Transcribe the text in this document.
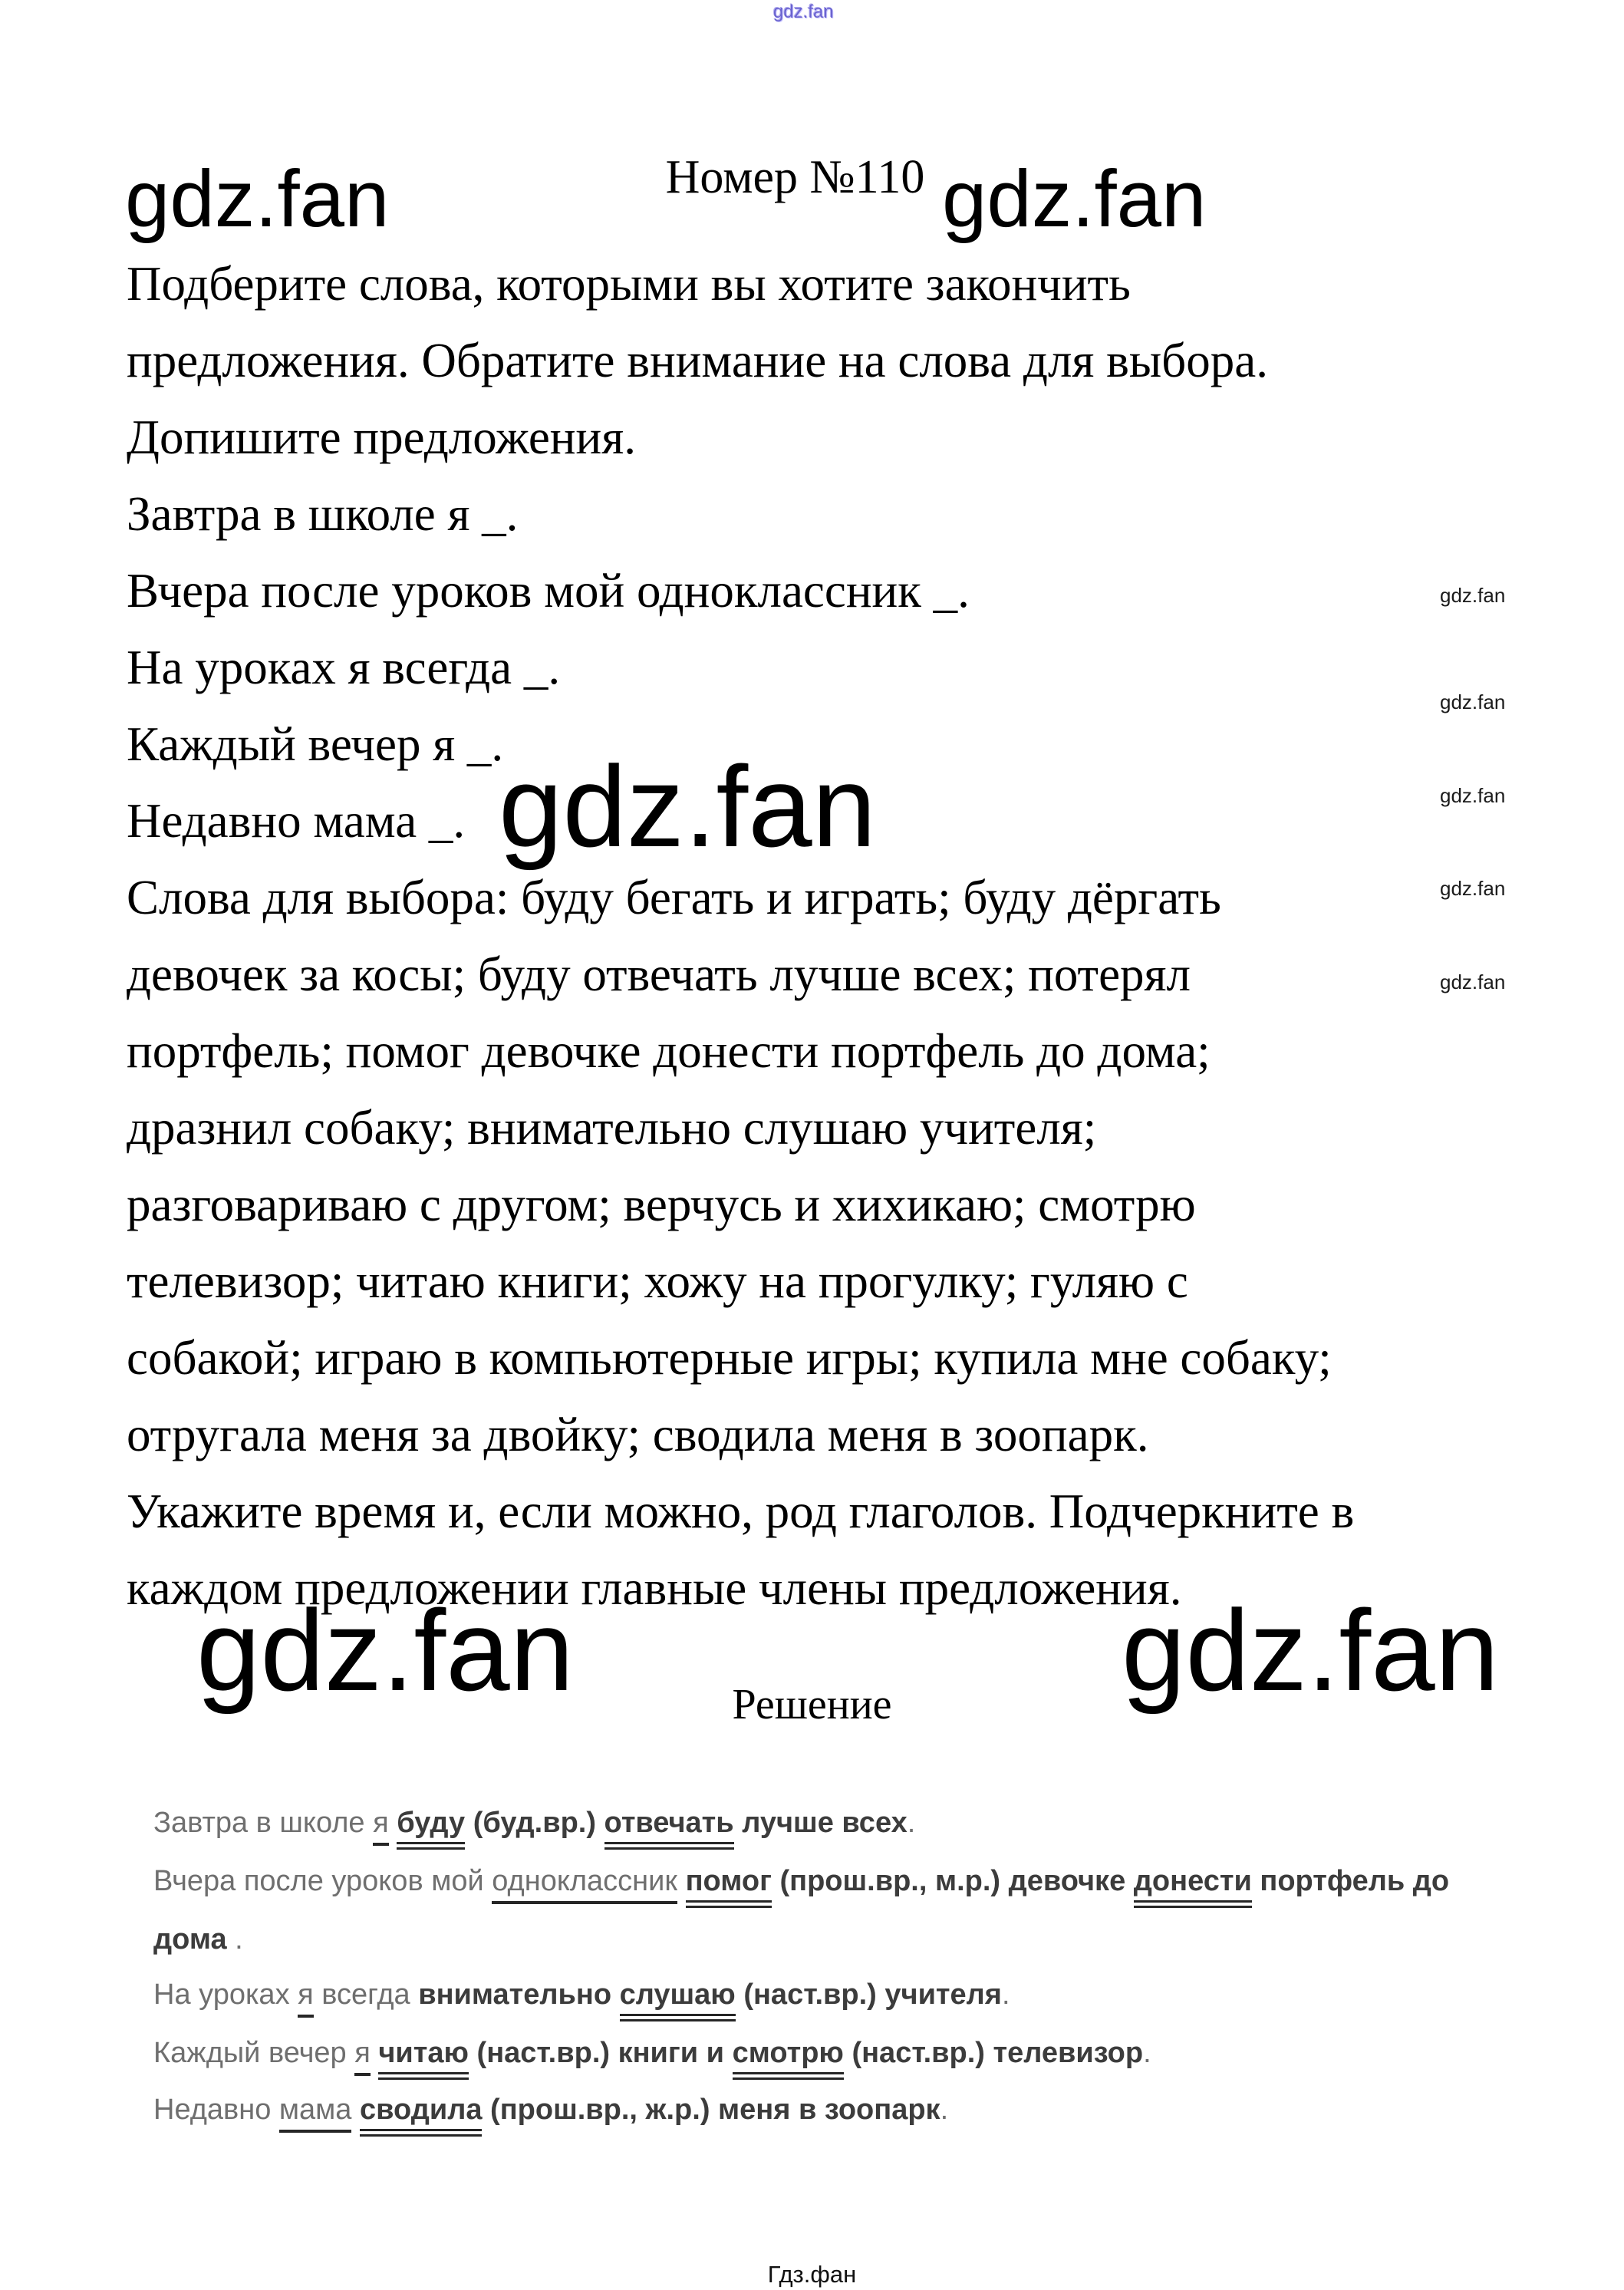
gdz.fan
gdz.fan	Номер №110 gdz.fan
Подберите слова, которыми вы хотите закончить
предложения. Обратите внимание на слова для выбора.
Допишите предложения.
Завтра в школе я _.
Вчера после уроков мой одноклассник _.
На уроках я всегда _.
Каждый вечер я _.
Недавно мама _.
Слова для выбора: буду бегать и играть; буду дёргать
девочек за косы; буду отвечать лучше всех; потерял
портфель; помог девочке донести портфель до дома;
дразнил собаку; внимательно слушаю учителя;
разговариваю с другом; верчусь и хихикаю; смотрю
телевизор; читаю книги; хожу на прогулку; гуляю с
собакой; играю в компьютерные игры; купила мне собаку;
отругала меня за двойку; сводила меня в зоопарк.
Укажите время и, если можно, род глаголов. Подчеркните в
каждом предложении главные члены предложения.
gdz.fan
gdz.fan
gdz.fan
gdz.fan
gdz.fan
gdz.fan
gdz.fan	gdz.fan
Решение
Завтра в школе я буду (буд.вр.) отвечать лучше всех.
Вчера после уроков мой одноклассник помог (прош.вр., м.р.) девочке донести портфель до
дома .
На уроках я всегда внимательно слушаю (наст.вр.) учителя.
Каждый вечер я читаю (наст.вр.) книги и смотрю (наст.вр.) телевизор.
Недавно мама сводила (прош.вр., ж.р.) меня в зоопарк.
Гдз.фан
